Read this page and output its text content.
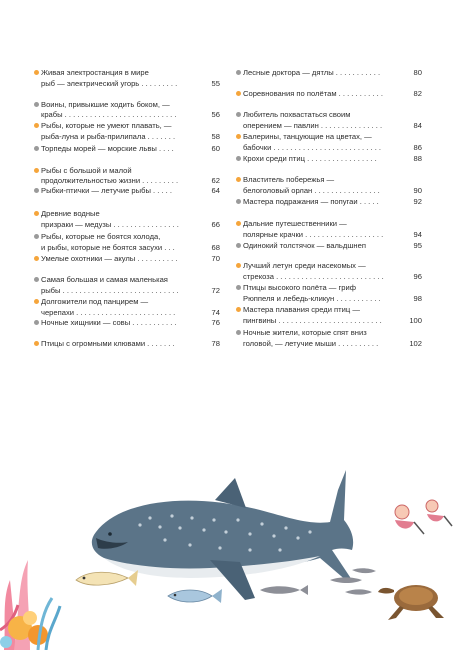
Живая электростанция в мире
рыб — электрический угорь . . . . . . . . .	55
Воины, привыкшие ходить боком, —
крабы . . . . . . . . . . . . . . . . . . . . . . . . . . .	56
Рыбы, которые не умеют плавать, —
рыба-луна и рыба-прилипала . . . . . . .	58
Торпеды морей — морские львы . . . .	60
Рыбы с большой и малой
продолжительностью жизни . . . . . . . . .	62
Рыбки-птички — летучие рыбы . . . . .	64
Древние водные
призраки — медузы . . . . . . . . . . . . . . . .	66
Рыбы, которые не боятся холода,
и рыбы, которые не боятся засухи . . .	68
Умелые охотники — акулы . . . . . . . . . .	70
Самая большая и самая маленькая
рыбы . . . . . . . . . . . . . . . . . . . . . . . . . . . .	72
Долгожители под панцирем —
черепахи . . . . . . . . . . . . . . . . . . . . . . . .	74
Ночные хищники — совы . . . . . . . . . . .	76
Птицы с огромными клювами . . . . . . .	78
Лесные доктора — дятлы . . . . . . . . . . .	80
Соревнования по полётам . . . . . . . . . . .	82
Любитель похвастаться своим
оперением — павлин . . . . . . . . . . . . . . .	84
Балерины, танцующие на цветах, —
бабочки . . . . . . . . . . . . . . . . . . . . . . . . . .	86
Крохи среди птиц . . . . . . . . . . . . . . . . .	88
Властитель побережья —
белоголовый орлан . . . . . . . . . . . . . . . .	90
Мастера подражания — попугаи . . . . .	92
Дальние путешественники —
полярные крачки . . . . . . . . . . . . . . . . . . .	94
Одинокий толстячок — вальдшнеп	95
Лучший летун среди насекомых —
стрекоза . . . . . . . . . . . . . . . . . . . . . . . . . .	96
Птицы высокого полёта — гриф
Рюппеля и лебедь-кликун . . . . . . . . . . .	98
Мастера плавания среди птиц —
пингвины . . . . . . . . . . . . . . . . . . . . . . . . .	100
Ночные жители, которые спят вниз
головой, — летучие мыши . . . . . . . . . .	102
